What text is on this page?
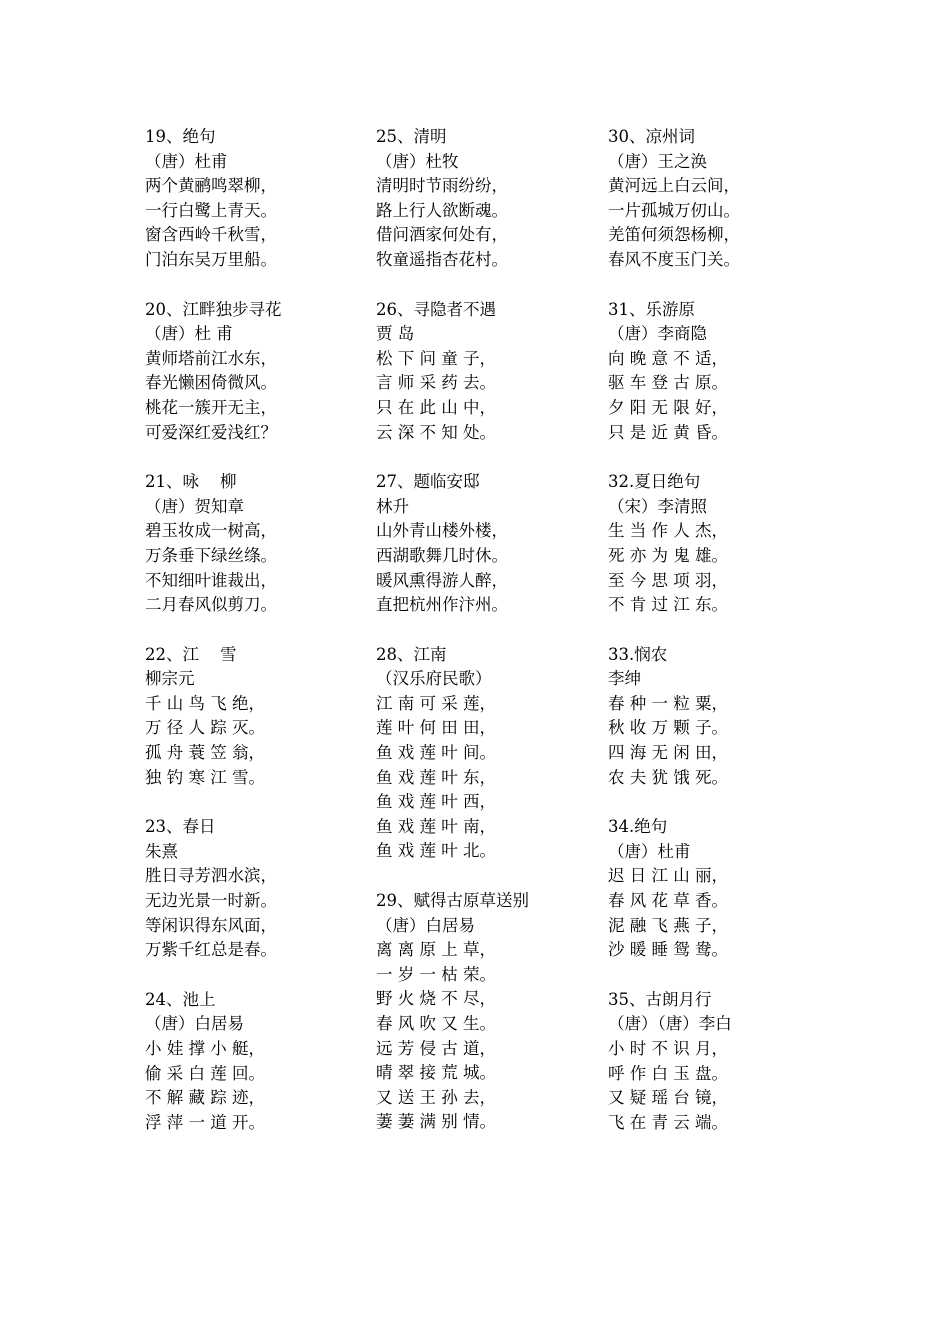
19、绝句
（唐）杜甫
两个黄鹂鸣翠柳，
一行白鹭上青天。
窗含西岭千秋雪，
门泊东吴万里船。
20、江畔独步寻花
（唐）杜 甫
黄师塔前江水东，
春光懒困倚微风。
桃花一簇开无主，
可爱深红爱浅红？
21、咏    柳
（唐）贺知章
碧玉妆成一树高，
万条垂下绿丝绦。
不知细叶谁裁出，
二月春风似剪刀。
22、江    雪
柳宗元
千 山 鸟 飞 绝，
万 径 人 踪 灭。
孤 舟 蓑 笠 翁，
独 钓 寒 江 雪。
23、春日
朱熹
胜日寻芳泗水滨，
无边光景一时新。
等闲识得东风面，
万紫千红总是春。
24、池上
（唐）白居易
小 娃 撑 小 艇，
偷 采 白 莲 回。
不 解 藏 踪 迹，
浮 萍 一 道 开。
25、清明
（唐）杜牧
清明时节雨纷纷，
路上行人欲断魂。
借问酒家何处有，
牧童遥指杏花村。
26、寻隐者不遇
贾 岛
松 下 问 童 子，
言 师 采 药 去。
只 在 此 山 中，
云 深 不 知 处。
27、题临安邸
林升
山外青山楼外楼，
西湖歌舞几时休。
暖风熏得游人醉，
直把杭州作汴州。
28、江南
（汉乐府民歌）
江 南 可 采 莲，
莲 叶 何 田 田，
鱼 戏 莲 叶 间。
鱼 戏 莲 叶 东，
鱼 戏 莲 叶 西，
鱼 戏 莲 叶 南，
鱼 戏 莲 叶 北。
29、赋得古原草送别
（唐）白居易
离 离 原 上 草，
一 岁 一 枯 荣。
野 火 烧 不 尽，
春 风 吹 又 生。
远 芳 侵 古 道，
晴 翠 接 荒 城。
又 送 王 孙 去，
萋 萋 满 别 情。
30、凉州词
（唐）王之涣
黄河远上白云间，
一片孤城万仞山。
羌笛何须怨杨柳，
春风不度玉门关。
31、乐游原
（唐）李商隐
向 晚 意 不 适，
驱 车 登 古 原。
夕 阳 无 限 好，
只 是 近 黄 昏。
32.夏日绝句
（宋）李清照
生 当 作 人 杰，
死 亦 为 鬼 雄。
至 今 思 项 羽，
不 肯 过 江 东。
33.悯农
李绅
春 种 一 粒 粟，
秋 收 万 颗 子。
四 海 无 闲 田，
农 夫 犹 饿 死。
34.绝句
（唐）杜甫
迟 日 江 山 丽，
春 风 花 草 香。
泥 融 飞 燕 子，
沙 暖 睡 鸳 鸯。
35、古朗月行
（唐）（唐）李白
小 时 不 识 月，
呼 作 白 玉 盘。
又 疑 瑶 台 镜，
飞 在 青 云 端。
